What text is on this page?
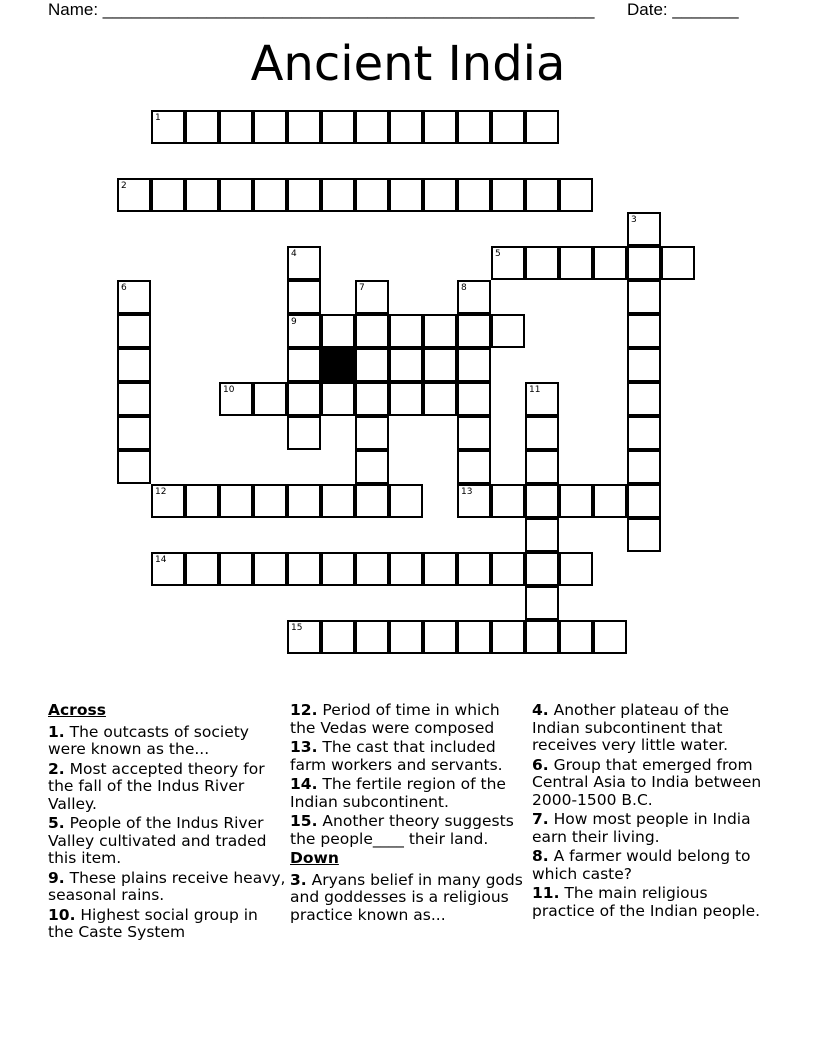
Name: ____________________________________________________ Date: _______
Ancient India
1
2
3
4
9
5
6	7	8
13
10	11
12
14
15
Across
1. The outcasts of society were known as the...
2. Most accepted theory for the fall of the Indus River Valley.
5. People of the Indus River Valley cultivated and traded this item.
9. These plains receive heavy, seasonal rains.
10. Highest social group in the Caste System
12. Period of time in which the Vedas were composed
13. The cast that included farm workers and servants.
14. The fertile region of the Indian subcontinent.
15. Another theory suggests the people____ their land.
Down
3. Aryans belief in many gods and goddesses is a religious practice known as...
4. Another plateau of the Indian subcontinent that receives very little water.
6. Group that emerged from Central Asia to India between 2000-1500 B.C.
7. How most people in India earn their living.
8. A farmer would belong to which caste?
11. The main religious practice of the Indian people.
